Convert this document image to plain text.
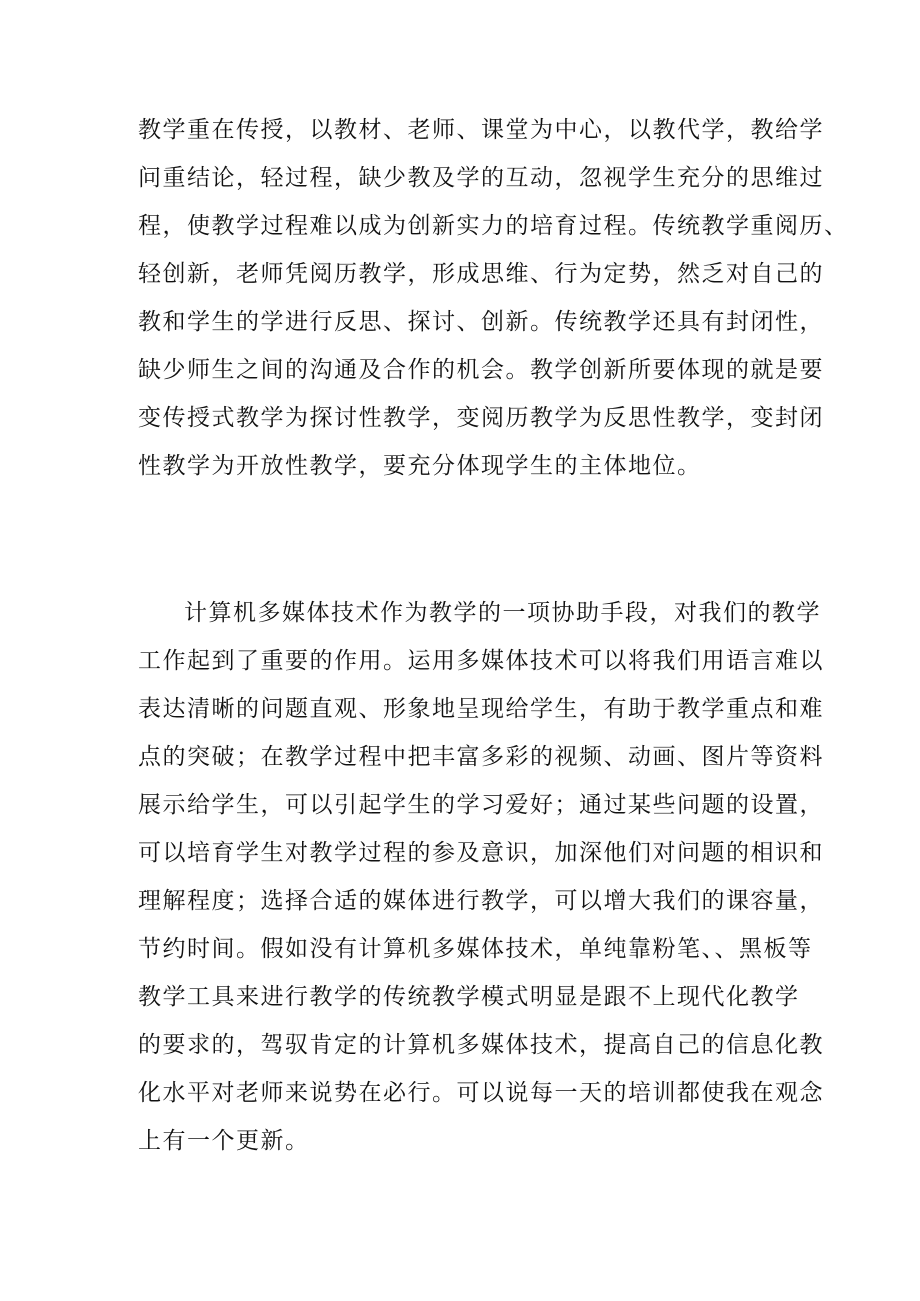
教学重在传授，以教材、老师、课堂为中心，以教代学，教给学
问重结论，轻过程，缺少教及学的互动，忽视学生充分的思维过
程，使教学过程难以成为创新实力的培育过程。传统教学重阅历、
轻创新，老师凭阅历教学，形成思维、行为定势，然乏对自己的
教和学生的学进行反思、探讨、创新。传统教学还具有封闭性，
缺少师生之间的沟通及合作的机会。教学创新所要体现的就是要
变传授式教学为探讨性教学，变阅历教学为反思性教学，变封闭
性教学为开放性教学，要充分体现学生的主体地位。

计算机多媒体技术作为教学的一项协助手段，对我们的教学
工作起到了重要的作用。运用多媒体技术可以将我们用语言难以
表达清晰的问题直观、形象地呈现给学生，有助于教学重点和难
点的突破；在教学过程中把丰富多彩的视频、动画、图片等资料
展示给学生，可以引起学生的学习爱好；通过某些问题的设置，
可以培育学生对教学过程的参及意识，加深他们对问题的相识和
理解程度；选择合适的媒体进行教学，可以增大我们的课容量，
节约时间。假如没有计算机多媒体技术，单纯靠粉笔、、黑板等
教学工具来进行教学的传统教学模式明显是跟不上现代化教学
的要求的，驾驭肯定的计算机多媒体技术，提高自己的信息化教
化水平对老师来说势在必行。可以说每一天的培训都使我在观念
上有一个更新。
